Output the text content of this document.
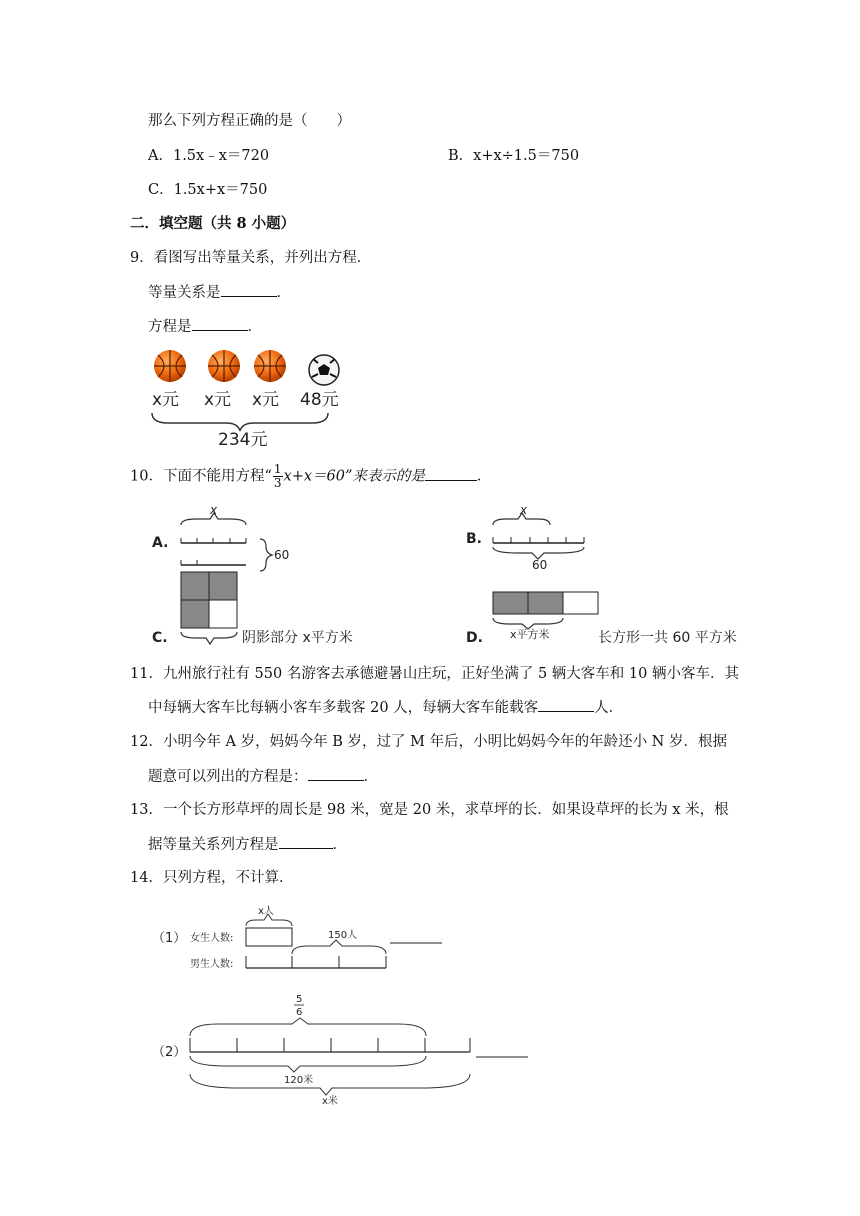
那么下列方程正确的是（　　）
A．1.5x﹣x＝720	B．x+x÷1.5＝750
C．1.5x+x＝750
二．填空题（共 8 小题）
9．看图写出等量关系，并列出方程．
等量关系是	．
方程是	．
x元 x元 x元 48元
234元
10．下面不能用方程“ $\frac{1}{3} x+x=60$”来表示的是	．
A.
x
60
C.	阴影部分 x平方米
B.
x
60
D. x平方米	长方形一共 60 平方米
11．九州旅行社有 550 名游客去承德避暑山庄玩，正好坐满了 5 辆大客车和 10 辆小客车．其
中每辆大客车比每辆小客车多载客 20 人，每辆大客车能载客	人．
12．小明今年 A 岁，妈妈今年 B 岁，过了 M 年后，小明比妈妈今年的年龄还小 N 岁．根据
题意可以列出的方程是：	．
13．一个长方形草坪的周长是 98 米，宽是 20 米，求草坪的长．如果设草坪的长为 x 米，根
据等量关系列方程是	．
14．只列方程，不计算．
（1） 女生人数:
男生人数:
x人
150人
5
6
（2）
120米
x米
